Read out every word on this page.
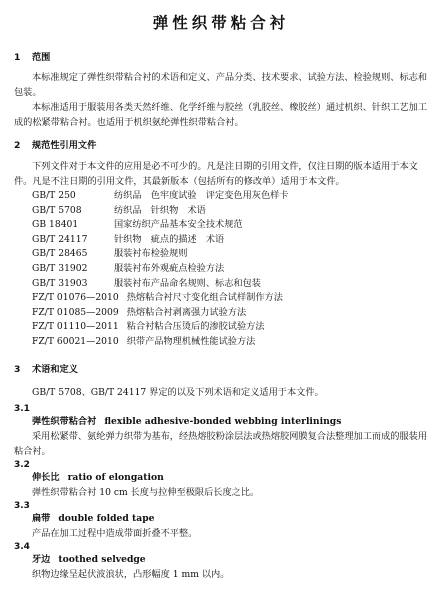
弹性织带粘合衬

1 范围

本标准规定了弹性织带粘合衬的术语和定义、产品分类、技术要求、试验方法、检验规则、标志和包装。

本标准适用于服装用各类天然纤维、化学纤维与胶丝（乳胶丝、橡胶丝）通过机织、针织工艺加工成的松紧带粘合衬。也适用于机织氨纶弹性织带粘合衬。

2 规范性引用文件

下列文件对于本文件的应用是必不可少的。凡是注日期的引用文件，仅注日期的版本适用于本文件。凡是不注日期的引用文件，其最新版本（包括所有的修改单）适用于本文件。

GB/T 250	纺织品　色牢度试验　评定变色用灰色样卡
GB/T 5708	纺织品　针织物　术语
GB 18401	国家纺织产品基本安全技术规范
GB/T 24117	针织物　疵点的描述　术语
GB/T 28465	服装衬布检验规则
GB/T 31902	服装衬布外观疵点检验方法
GB/T 31903	服装衬布产品命名规则、标志和包装
FZ/T 01076—2010 热熔粘合衬尺寸变化组合试样制作方法
FZ/T 01085—2009 热熔粘合衬剥离强力试验方法
FZ/T 01110—2011 粘合衬粘合压烫后的渗胶试验方法
FZ/T 60021—2010 织带产品物理机械性能试验方法

3 术语和定义

GB/T 5708、GB/T 24117 界定的以及下列术语和定义适用于本文件。

3.1

弹性织带粘合衬 flexible adhesive-bonded webbing interlinings

采用松紧带、氨纶弹力织带为基布，经热熔胶粉涂层法或热熔胶网膜复合法整理加工而成的服装用粘合衬。

3.2

伸长比 ratio of elongation

弹性织带粘合衬 10 cm 长度与拉伸至极限后长度之比。

3.3

扁带 double folded tape

产品在加工过程中造成带面折叠不平整。

3.4

牙边 toothed selvedge

织物边缘呈起伏波浪状，凸形幅度 1 mm 以内。
